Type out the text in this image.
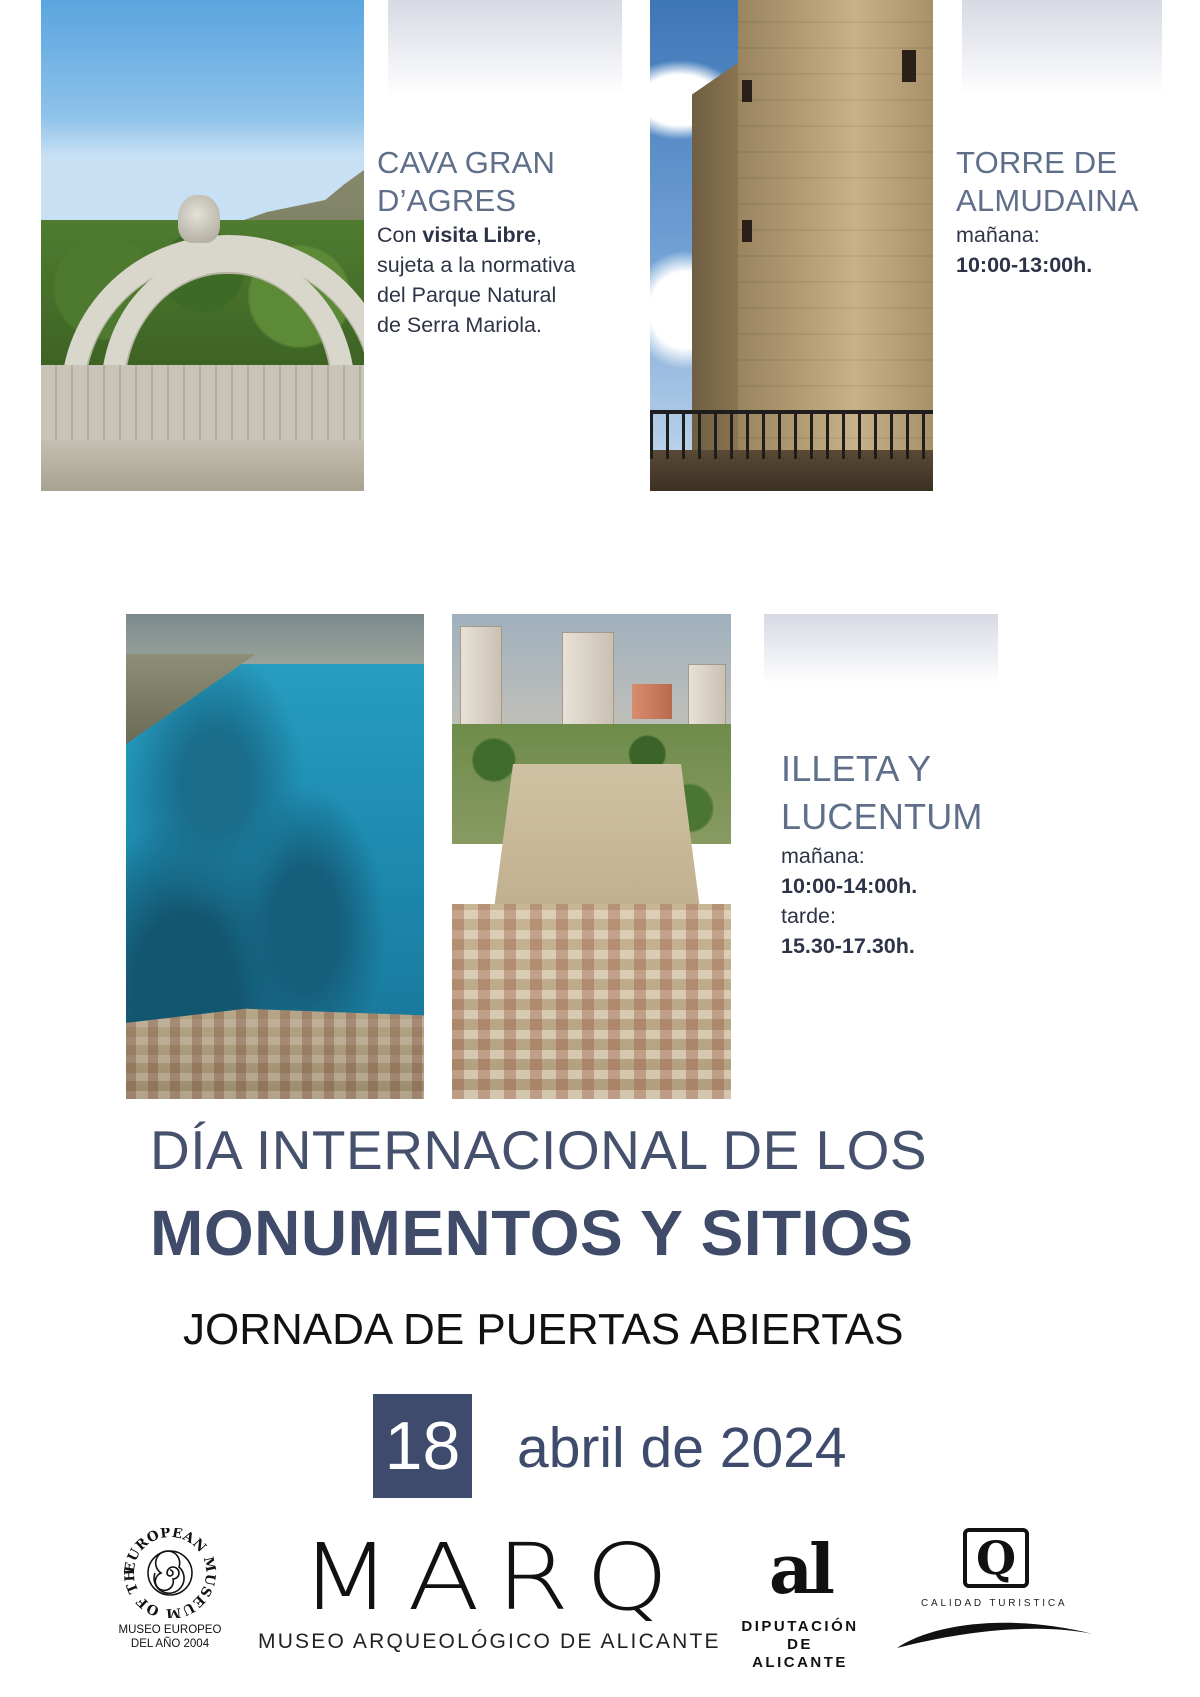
CAVA GRAN
D’AGRES
Con visita Libre,
sujeta a la normativa
del Parque Natural
de Serra Mariola.
TORRE DE
ALMUDAINA
mañana:
10:00-13:00h.
ILLETA Y
LUCENTUM
mañana:
10:00-14:00h.
tarde:
15.30-17.30h.
DÍA INTERNACIONAL DE LOS
MONUMENTOS Y SITIOS
JORNADA DE PUERTAS ABIERTAS
18 abril de 2024
EUROPEAN MUSEUM OF TH
MUSEO EUROPEO
DEL AÑO 2004
MARQ
MUSEO ARQUEOLÓGICO DE ALICANTE
al
DIPUTACIÓN
DE ALICANTE
Q
CALIDAD TURISTICA
